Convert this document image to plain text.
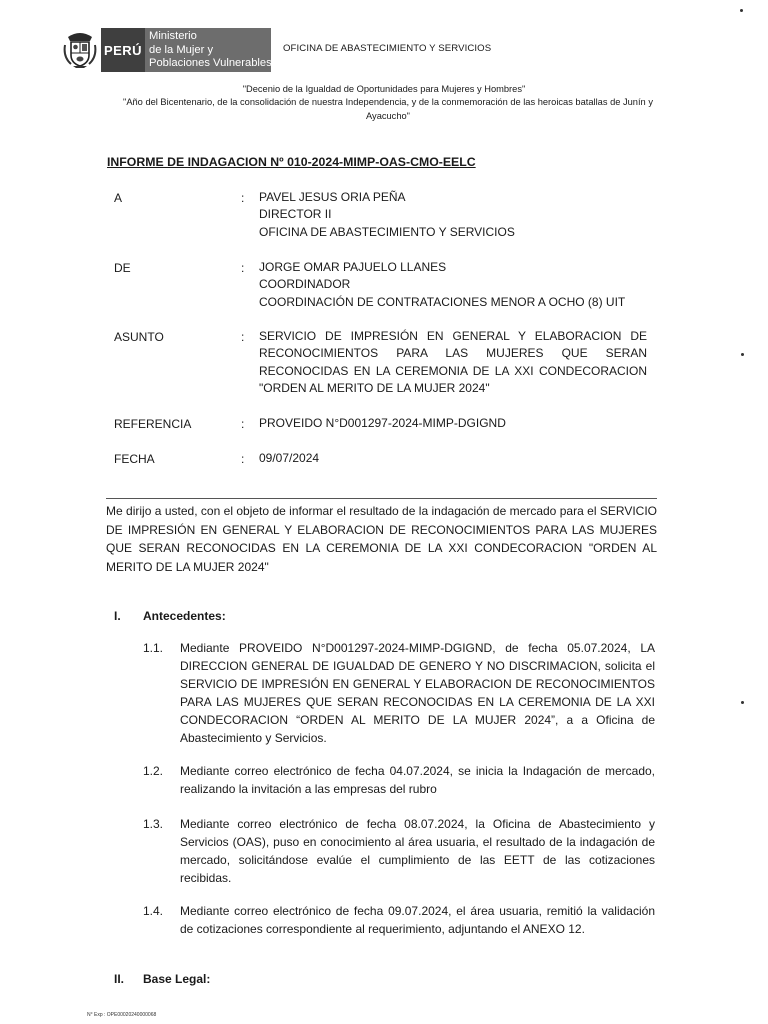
PERÚ
Ministerio
de la Mujer y
Poblaciones Vulnerables
OFICINA DE ABASTECIMIENTO Y SERVICIOS
"Decenio de la Igualdad de Oportunidades para Mujeres y Hombres"
"Año del Bicentenario, de la consolidación de nuestra Independencia, y de la conmemoración de las heroicas batallas de Junín y Ayacucho"
INFORME DE INDAGACION Nº 010-2024-MIMP-OAS-CMO-EELC
A	: PAVEL JESUS ORIA PEÑA
DIRECTOR II
OFICINA DE ABASTECIMIENTO Y SERVICIOS
DE	: JORGE OMAR PAJUELO LLANES
COORDINADOR
COORDINACIÓN DE CONTRATACIONES MENOR A OCHO (8) UIT
ASUNTO	: SERVICIO DE IMPRESIÓN EN GENERAL Y ELABORACION DE RECONOCIMIENTOS PARA LAS MUJERES QUE SERAN RECONOCIDAS EN LA CEREMONIA DE LA XXI CONDECORACION "ORDEN AL MERITO DE LA MUJER 2024"
REFERENCIA	: PROVEIDO N°D001297-2024-MIMP-DGIGND
FECHA	: 09/07/2024
Me dirijo a usted, con el objeto de informar el resultado de la indagación de mercado para el SERVICIO DE IMPRESIÓN EN GENERAL Y ELABORACION DE RECONOCIMIENTOS PARA LAS MUJERES QUE SERAN RECONOCIDAS EN LA CEREMONIA DE LA XXI CONDECORACION "ORDEN AL MERITO DE LA MUJER 2024"
I. Antecedentes:
1.1. Mediante PROVEIDO N°D001297-2024-MIMP-DGIGND, de fecha 05.07.2024, LA DIRECCION GENERAL DE IGUALDAD DE GENERO Y NO DISCRIMACION, solicita el SERVICIO DE IMPRESIÓN EN GENERAL Y ELABORACION DE RECONOCIMIENTOS PARA LAS MUJERES QUE SERAN RECONOCIDAS EN LA CEREMONIA DE LA XXI CONDECORACION “ORDEN AL MERITO DE LA MUJER 2024”, a a Oficina de Abastecimiento y Servicios.
1.2. Mediante correo electrónico de fecha 04.07.2024, se inicia la Indagación de mercado, realizando la invitación a las empresas del rubro
1.3. Mediante correo electrónico de fecha 08.07.2024, la Oficina de Abastecimiento y Servicios (OAS), puso en conocimiento al área usuaria, el resultado de la indagación de mercado, solicitándose evalúe el cumplimiento de las EETT de las cotizaciones recibidas.
1.4. Mediante correo electrónico de fecha 09.07.2024, el área usuaria, remitió la validación de cotizaciones correspondiente al requerimiento, adjuntando el ANEXO 12.
II. Base Legal:
N° Exp : OPE00020240000068
